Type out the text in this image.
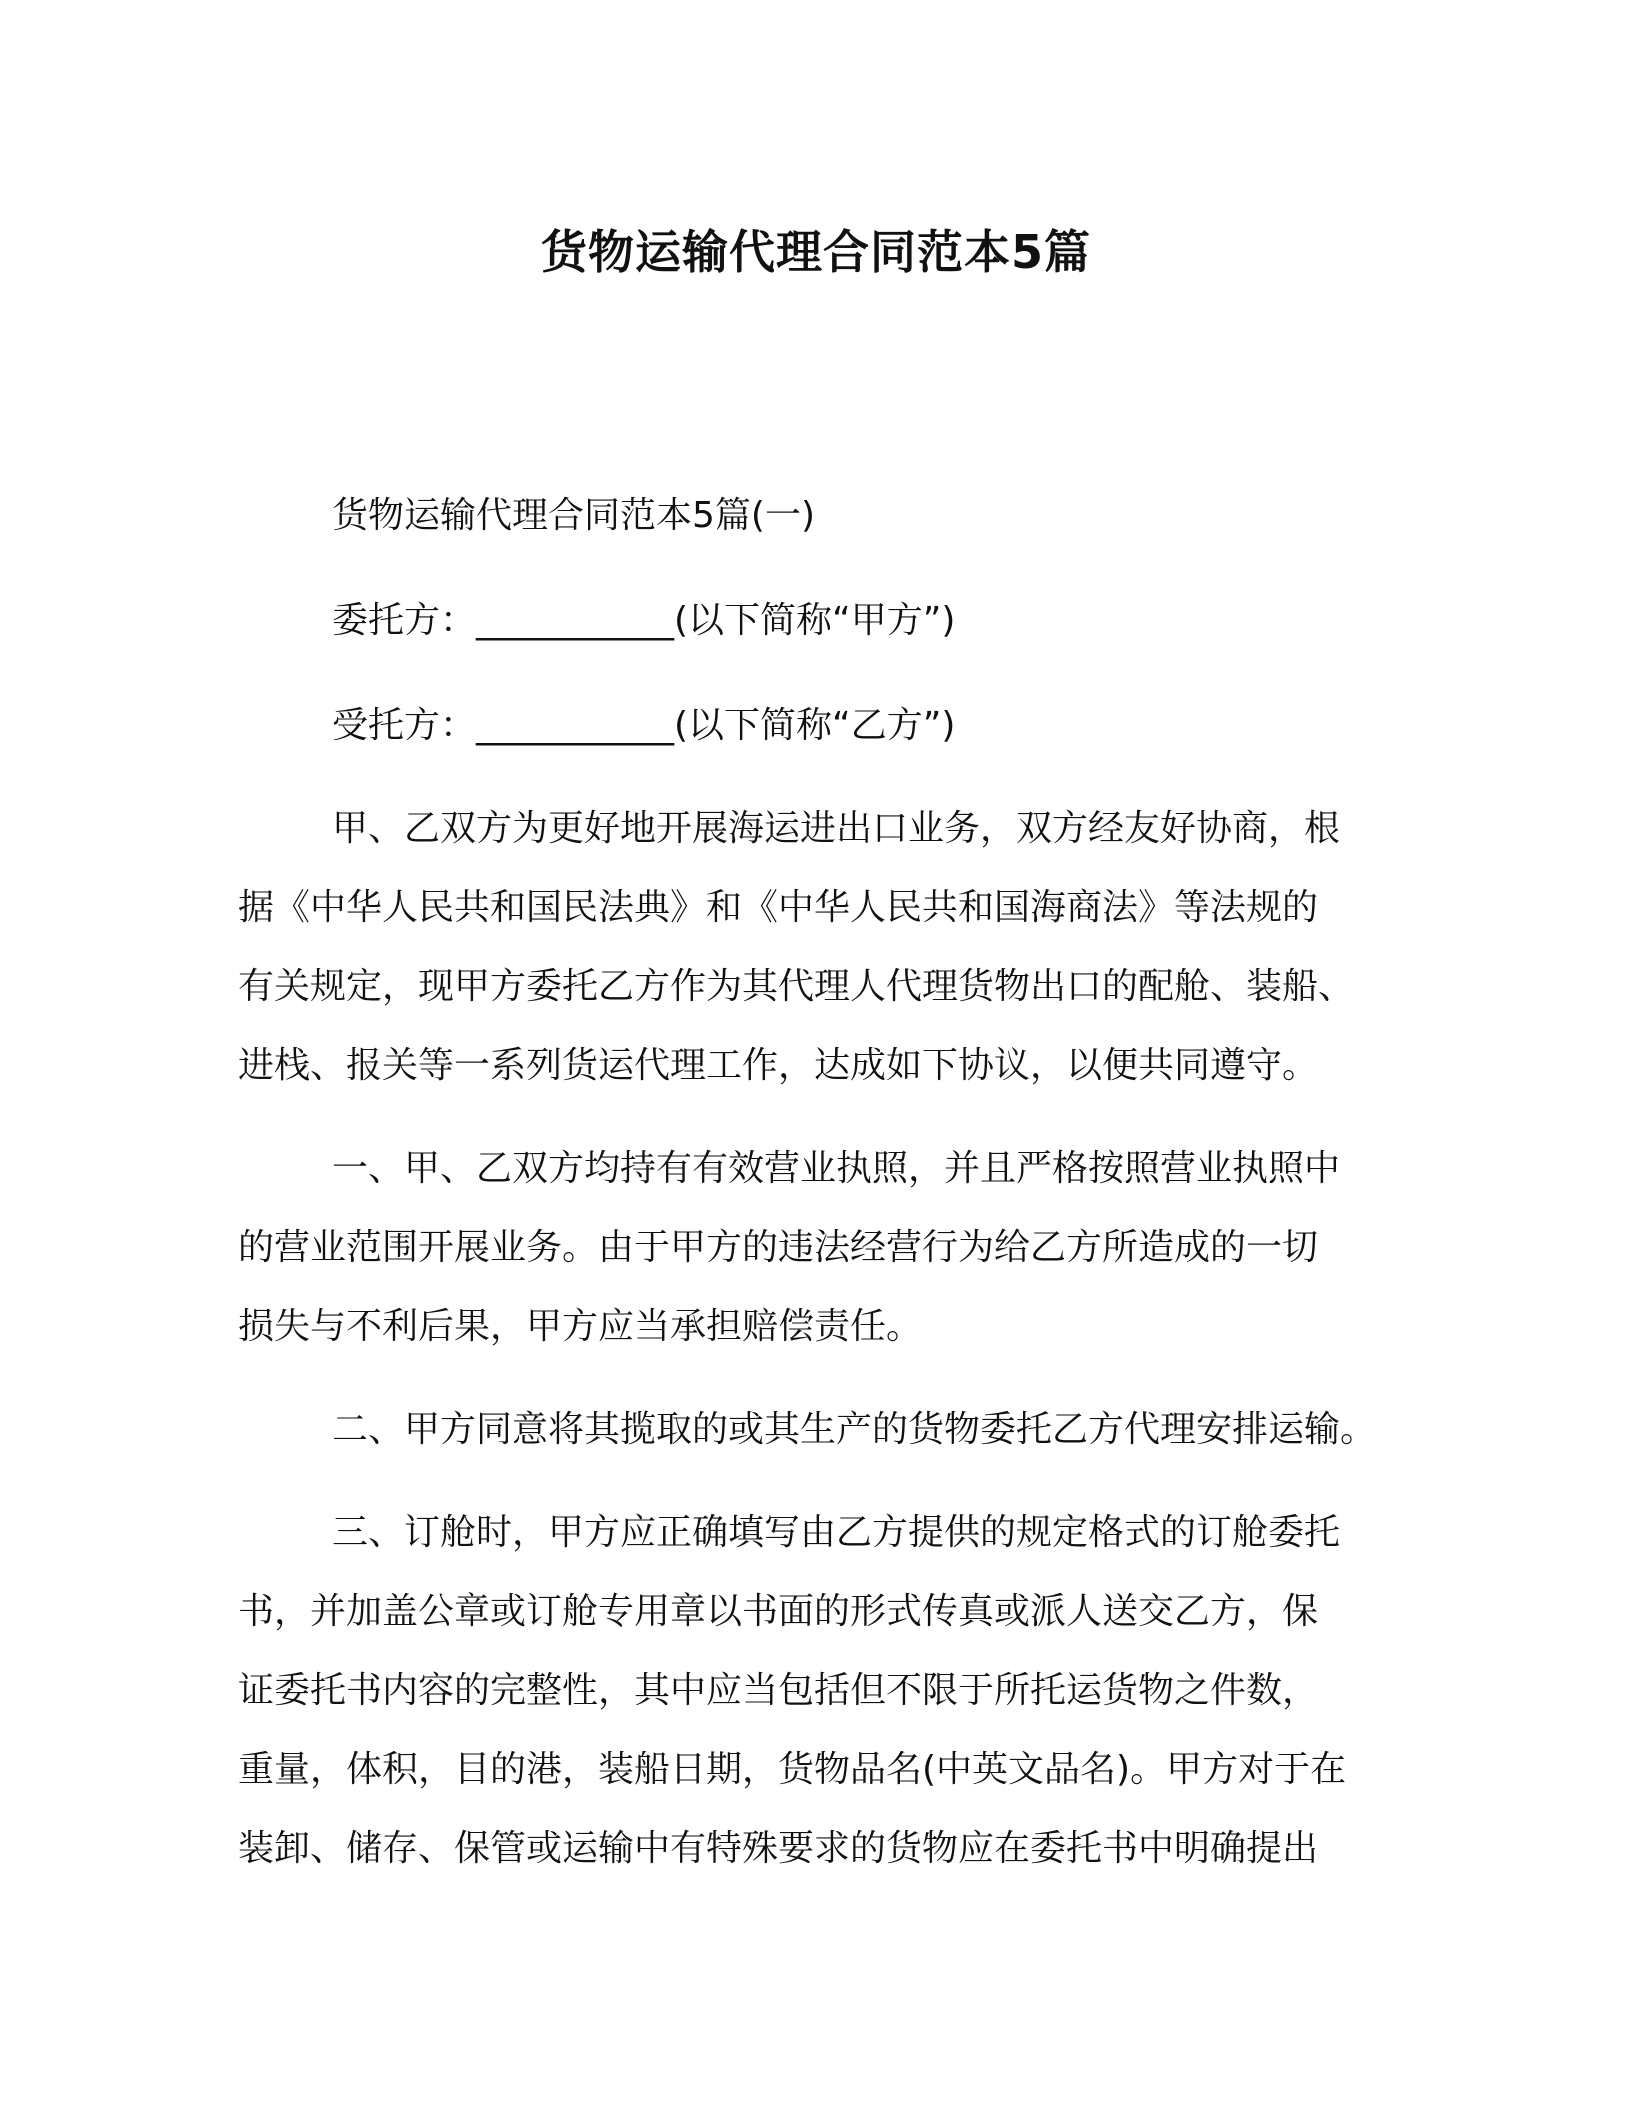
货物运输代理合同范本5篇

货物运输代理合同范本5篇(一)

委托方：___________(以下简称“甲方”)

受托方：___________(以下简称“乙方”)

甲、乙双方为更好地开展海运进出口业务，双方经友好协商，根

据《中华人民共和国民法典》和《中华人民共和国海商法》等法规的

有关规定，现甲方委托乙方作为其代理人代理货物出口的配舱、装船、

进栈、报关等一系列货运代理工作，达成如下协议，以便共同遵守。

一、甲、乙双方均持有有效营业执照，并且严格按照营业执照中

的营业范围开展业务。由于甲方的违法经营行为给乙方所造成的一切

损失与不利后果，甲方应当承担赔偿责任。

二、甲方同意将其揽取的或其生产的货物委托乙方代理安排运输。

三、订舱时，甲方应正确填写由乙方提供的规定格式的订舱委托

书，并加盖公章或订舱专用章以书面的形式传真或派人送交乙方，保

证委托书内容的完整性，其中应当包括但不限于所托运货物之件数，

重量，体积，目的港，装船日期，货物品名(中英文品名)。甲方对于在

装卸、储存、保管或运输中有特殊要求的货物应在委托书中明确提出
